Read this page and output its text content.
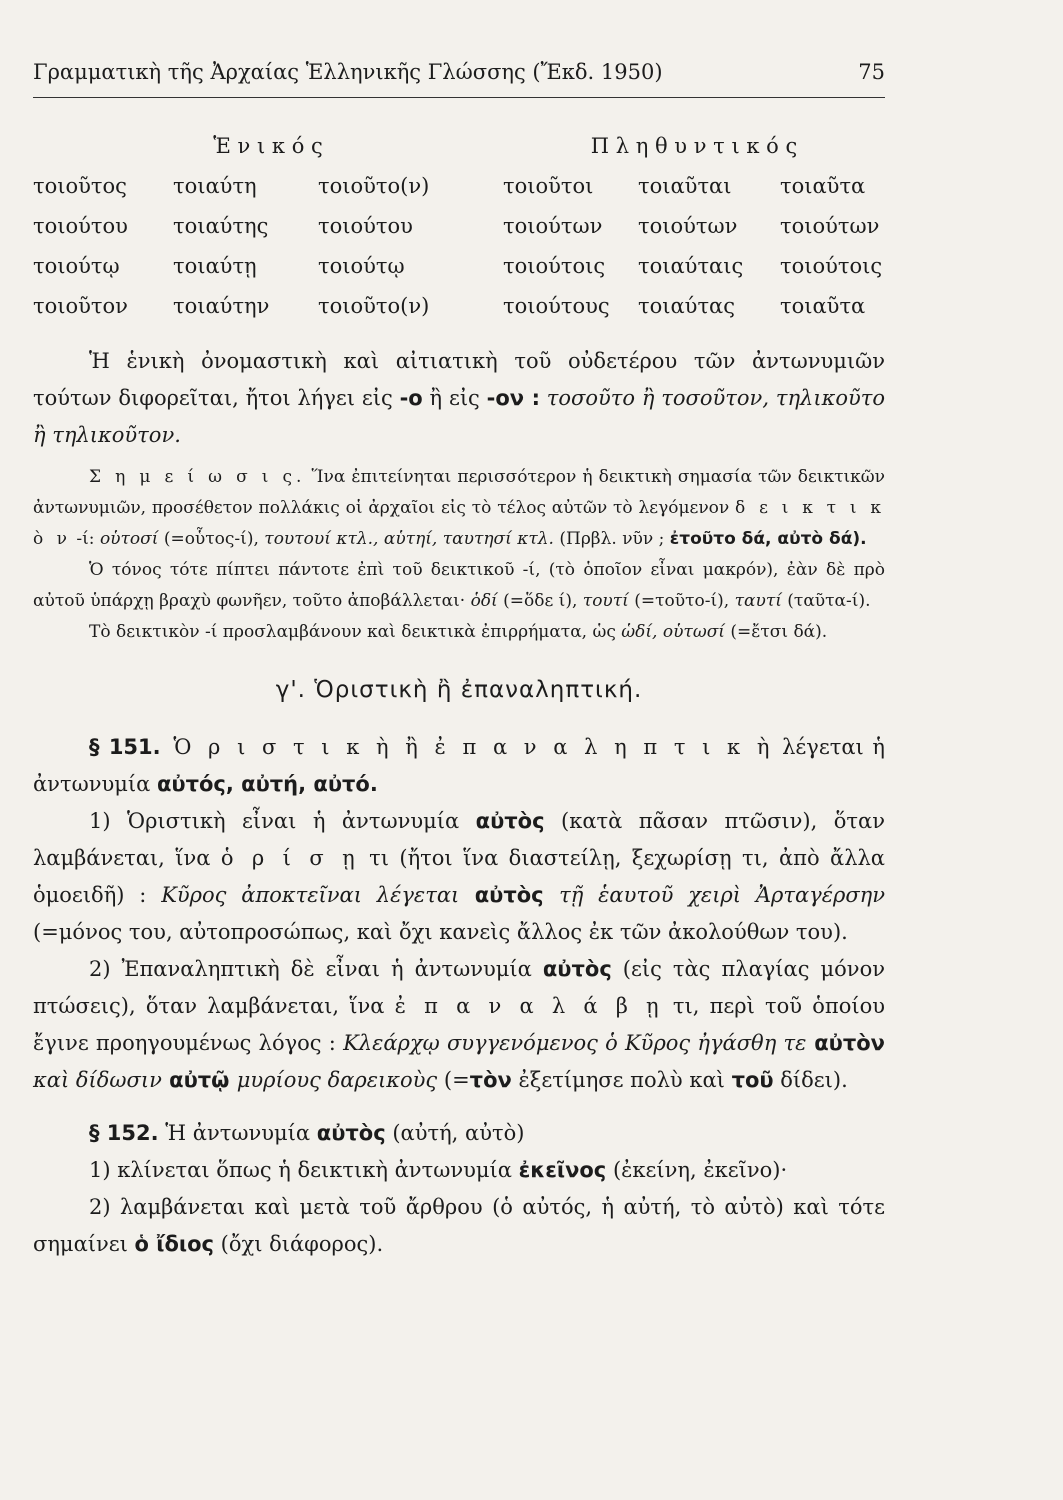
Γραμματικὴ τῆς Ἀρχαίας Ἑλληνικῆς Γλώσσης (Ἔκδ. 1950)	75
Ἑ ν ι κ ό ς	Π λ η θ υ ν τ ι κ ό ς
τοιοῦτος	τοιαύτη	τοιοῦτο(ν)	τοιοῦτοι	τοιαῦται	τοιαῦτα
τοιούτου	τοιαύτης	τοιούτου	τοιούτων	τοιούτων	τοιούτων
τοιούτῳ	τοιαύτῃ	τοιούτῳ	τοιούτοις	τοιαύταις	τοιούτοις
τοιοῦτον	τοιαύτην	τοιοῦτο(ν)	τοιούτους	τοιαύτας	τοιαῦτα

Ἡ ἑνικὴ ὀνομαστικὴ καὶ αἰτιατικὴ τοῦ οὐδετέρου τῶν ἀντωνυμιῶν τούτων διφορεῖται, ἤτοι λήγει εἰς -ο ἢ εἰς -ον : τοσοῦτο ἢ τοσοῦτον, τηλικοῦτο ἢ τηλικοῦτον.

Σ η μ ε ί ω σ ι ς. Ἵνα ἐπιτείνηται περισσότερον ἡ δεικτικὴ σημασία τῶν δεικτικῶν ἀντωνυμιῶν, προσέθετον πολλάκις οἱ ἀρχαῖοι εἰς τὸ τέλος αὐτῶν τὸ λεγόμενον δ ε ι κ τ ι κ ὸ ν -ί: οὑτοσί (=οὗτος-ί), τουτουί κτλ., αὑτηί, ταυτησί κτλ. (Πρβλ. νῦν ; ἐτοῦτο δά, αὐτὸ δά).

Ὁ τόνος τότε πίπτει πάντοτε ἐπὶ τοῦ δεικτικοῦ -ί, (τὸ ὁποῖον εἶναι μακρόν), ἐὰν δὲ πρὸ αὐτοῦ ὑπάρχῃ βραχὺ φωνῆεν, τοῦτο ἀποβάλλεται· ὁδί (=ὅδε ί), τουτί (=τοῦτο-ί), ταυτί (ταῦτα-ί).

Τὸ δεικτικὸν -ί προσλαμβάνουν καὶ δεικτικὰ ἐπιρρήματα, ὡς ὡδί, οὑτωσί (=ἔτσι δά).

γ'. Ὁριστικὴ ἢ ἐπαναληπτική.

§ 151. Ὁ ρ ι σ τ ι κ ὴ ἢ ἐ π α ν α λ η π τ ι κ ὴ λέγεται ἡ ἀντωνυμία αὐτός, αὐτή, αὐτό.

1) Ὁριστικὴ εἶναι ἡ ἀντωνυμία αὐτὸς (κατὰ πᾶσαν πτῶσιν), ὅταν λαμβάνεται, ἵνα ὁ ρ ί σ ῃ τι (ἤτοι ἵνα διαστείλῃ, ξεχωρίσῃ τι, ἀπὸ ἄλλα ὁμοειδῆ) : Κῦρος ἀποκτεῖναι λέγεται αὐτὸς τῇ ἑαυτοῦ χειρὶ Ἀρταγέρσην (=μόνος του, αὐτοπροσώπως, καὶ ὄχι κανεὶς ἄλλος ἐκ τῶν ἀκολούθων του).

2) Ἐπαναληπτικὴ δὲ εἶναι ἡ ἀντωνυμία αὐτὸς (εἰς τὰς πλαγίας μόνον πτώσεις), ὅταν λαμβάνεται, ἵνα ἐ π α ν α λ ά β ῃ τι, περὶ τοῦ ὁποίου ἔγινε προηγουμένως λόγος : Κλεάρχῳ συγγενόμενος ὁ Κῦρος ἠγάσθη τε αὐτὸν καὶ δίδωσιν αὐτῷ μυρίους δαρεικοὺς (=τὸν ἐξετίμησε πολὺ καὶ τοῦ δίδει).

§ 152. Ἡ ἀντωνυμία αὐτὸς (αὐτή, αὐτὸ)

1) κλίνεται ὅπως ἡ δεικτικὴ ἀντωνυμία ἐκεῖνος (ἐκείνη, ἐκεῖνο)·

2) λαμβάνεται καὶ μετὰ τοῦ ἄρθρου (ὁ αὐτός, ἡ αὐτή, τὸ αὐτὸ) καὶ τότε σημαίνει ὁ ἴδιος (ὄχι διάφορος).
